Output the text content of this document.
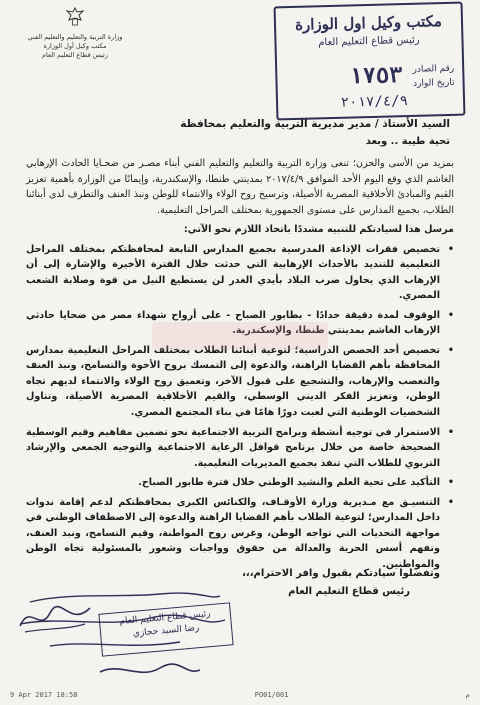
وزارة التربية والتعليم والتعليم الفني
مكتب وكيل أول الوزارة
رئيس قطاع التعليم العام
مكتب وكيل اول الوزارة
رئيس قطاع التعليم العام
رقم الصادر
تاريخ الوارد
١٧٥٣
٢٠١٧/٤/٩
السيد الأستاذ / مدير مديرية التربية والتعليم بمحافظة
تحية طيبة .. وبعد

بمزيد من الأسى والحزن؛ تنعى وزارة التربية والتعليم والتعليم الفني أبناء مصـر من ضحـايا الحادث الإرهابي الغاشم الذي وقع اليوم الأحد الموافق ٢٠١٧/٤/٩ بمدينتي طنطا، والإسكندرية، وإيمانًا من الوزارة بأهمية تعزيز القيم والمبادئ الأخلاقية المصرية الأصيلة، وترسيخ روح الولاء والانتماء للوطن ونبذ العنف والتطرف لدى أبنائنا الطلاب، بجميع المدارس على مستوى الجمهورية بمختلف المراحل التعليمية.

مرسل هذا لسيادتكم للتنبيه مشددًا باتخاذ اللازم نحو الآتي:

• تخصيص فقرات الإذاعة المدرسية بجميع المدارس التابعة لمحافظتكم بمختلف المراحل التعليمية للتنديد بالأحداث الإرهابية التي حدثت خلال الفترة الأخيرة والإشارة إلى أن الإرهاب الذي يحاول ضرب البلاد بأيدي الغدر لن يستطيع النيل من قوة وصلابة الشعب المصري.
• الوقوف لمدة دقيقة حدادًا - بطابور الصباح - على أرواح شهداء مصر من ضحايا حادثي الإرهاب الغاشم بمدينتي طنطا، والإسكندرية.
• تخصيص أحد الحصص الدراسية؛ لتوعية أبنائنا الطلاب بمختلف المراحل التعليمية بمدارس المحافظة بأهم القضايا الراهنة، والدعوة إلى التمسك بروح الأخوة والتسامح، ونبذ العنف والتعصب والإرهاب، والتشجيع على قبول الآخر، وتعميق روح الولاء والانتماء لديهم تجاه الوطن، وتعزيز الفكر الديني الوسطي، والقيم الأخلاقية المصرية الأصيلة، وتناول الشخصيات الوطنية التي لعبت دورًا هامًا في بناء المجتمع المصري.
• الاستمرار في توجيه أنشطة وبرامج التربية الاجتماعية نحو تضمين مفاهيم وقيم الوسطية الصحيحة خاصة من خلال برنامج قوافل الرعاية الاجتماعية والتوجيه الجمعي والإرشاد التربوي للطلاب التي تنفذ بجميع المديريات التعليمية.
• التأكيد على تحية العلم والنشيد الوطني خلال فترة طابور الصباح.
• التنسيـق مع مـديرية وزارة الأوقـاف، والكنائس الكبرى بمحافظتكم لدعم إقامة ندوات داخل المدارس؛ لتوعية الطلاب بأهم القضايا الراهنة والدعوة إلى الاصطفاف الوطني في مواجهة التحديات التي تواجه الوطن، وغرس روح المواطنة، وقيم التسامح، ونبذ العنف، وتفهم أسس الحرية والعدالة من حقوق وواجبات وشعور بالمسئولية تجاه الوطن والمواطنين.
وتفضلوا سيادتكم بقبول وافر الاحترام،،،
رئيس قطاع التعليم العام
رئيس قطاع التعليم العام
رضا السيد حجازي
9 Apr 2017 18:58	PO01/001	م
